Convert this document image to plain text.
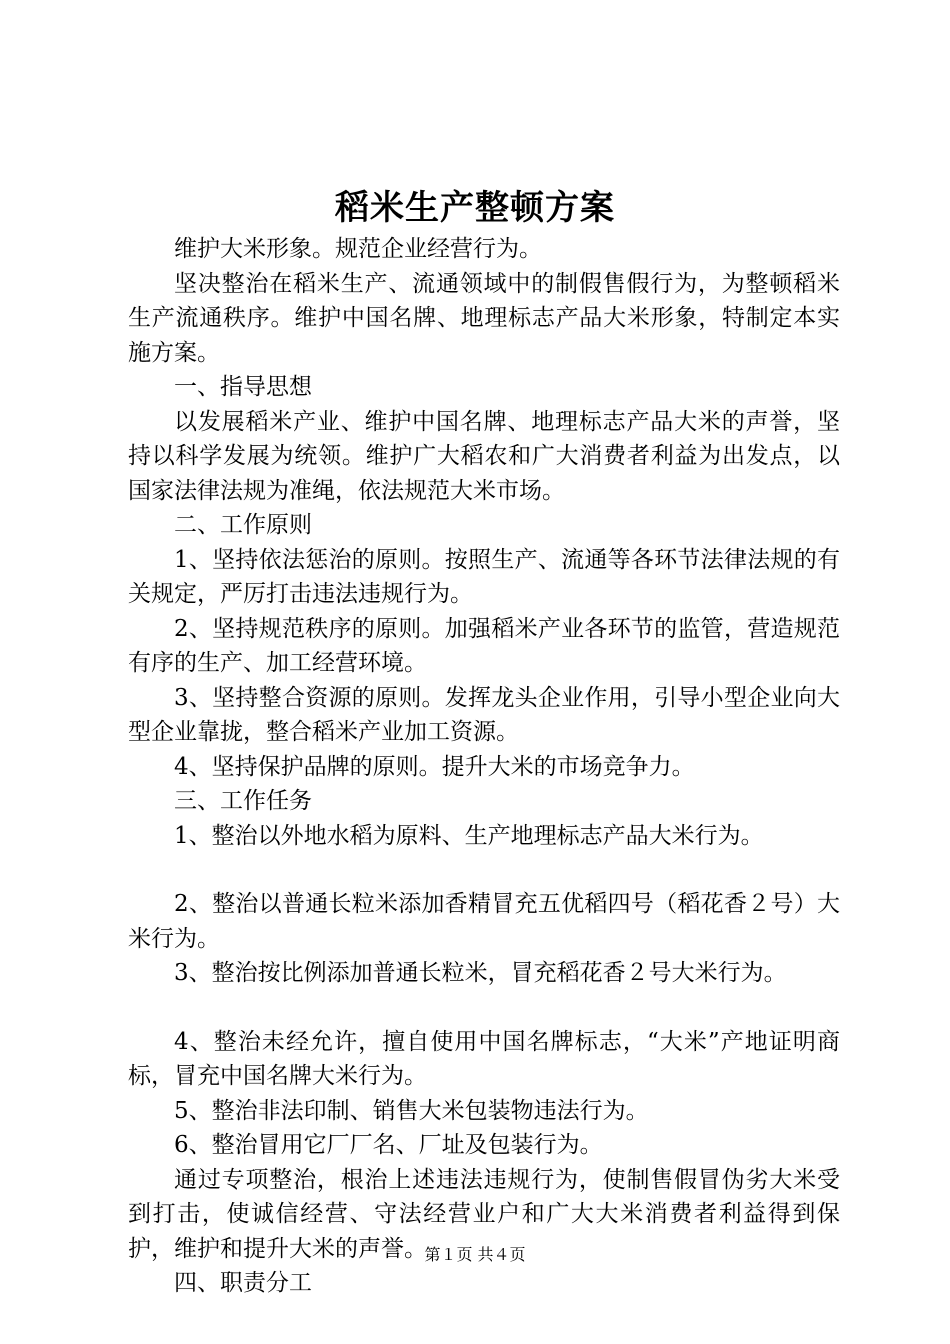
稻米生产整顿方案

维护大米形象。规范企业经营行为。

坚决整治在稻米生产、流通领域中的制假售假行为，为整顿稻米生产流通秩序。维护中国名牌、地理标志产品大米形象，特制定本实施方案。

一、指导思想

以发展稻米产业、维护中国名牌、地理标志产品大米的声誉，坚持以科学发展为统领。维护广大稻农和广大消费者利益为出发点，以国家法律法规为准绳，依法规范大米市场。

二、工作原则

1、坚持依法惩治的原则。按照生产、流通等各环节法律法规的有关规定，严厉打击违法违规行为。

2、坚持规范秩序的原则。加强稻米产业各环节的监管，营造规范有序的生产、加工经营环境。

3、坚持整合资源的原则。发挥龙头企业作用，引导小型企业向大型企业靠拢，整合稻米产业加工资源。

4、坚持保护品牌的原则。提升大米的市场竞争力。

三、工作任务

1、整治以外地水稻为原料、生产地理标志产品大米行为。

2、整治以普通长粒米添加香精冒充五优稻四号（稻花香２号）大米行为。

3、整治按比例添加普通长粒米，冒充稻花香２号大米行为。

4、整治未经允许，擅自使用中国名牌标志，“大米”产地证明商标，冒充中国名牌大米行为。

5、整治非法印制、销售大米包装物违法行为。

6、整治冒用它厂厂名、厂址及包装行为。

通过专项整治，根治上述违法违规行为，使制售假冒伪劣大米受到打击，使诚信经营、守法经营业户和广大大米消费者利益得到保护，维护和提升大米的声誉。

四、职责分工

第１页 共４页
